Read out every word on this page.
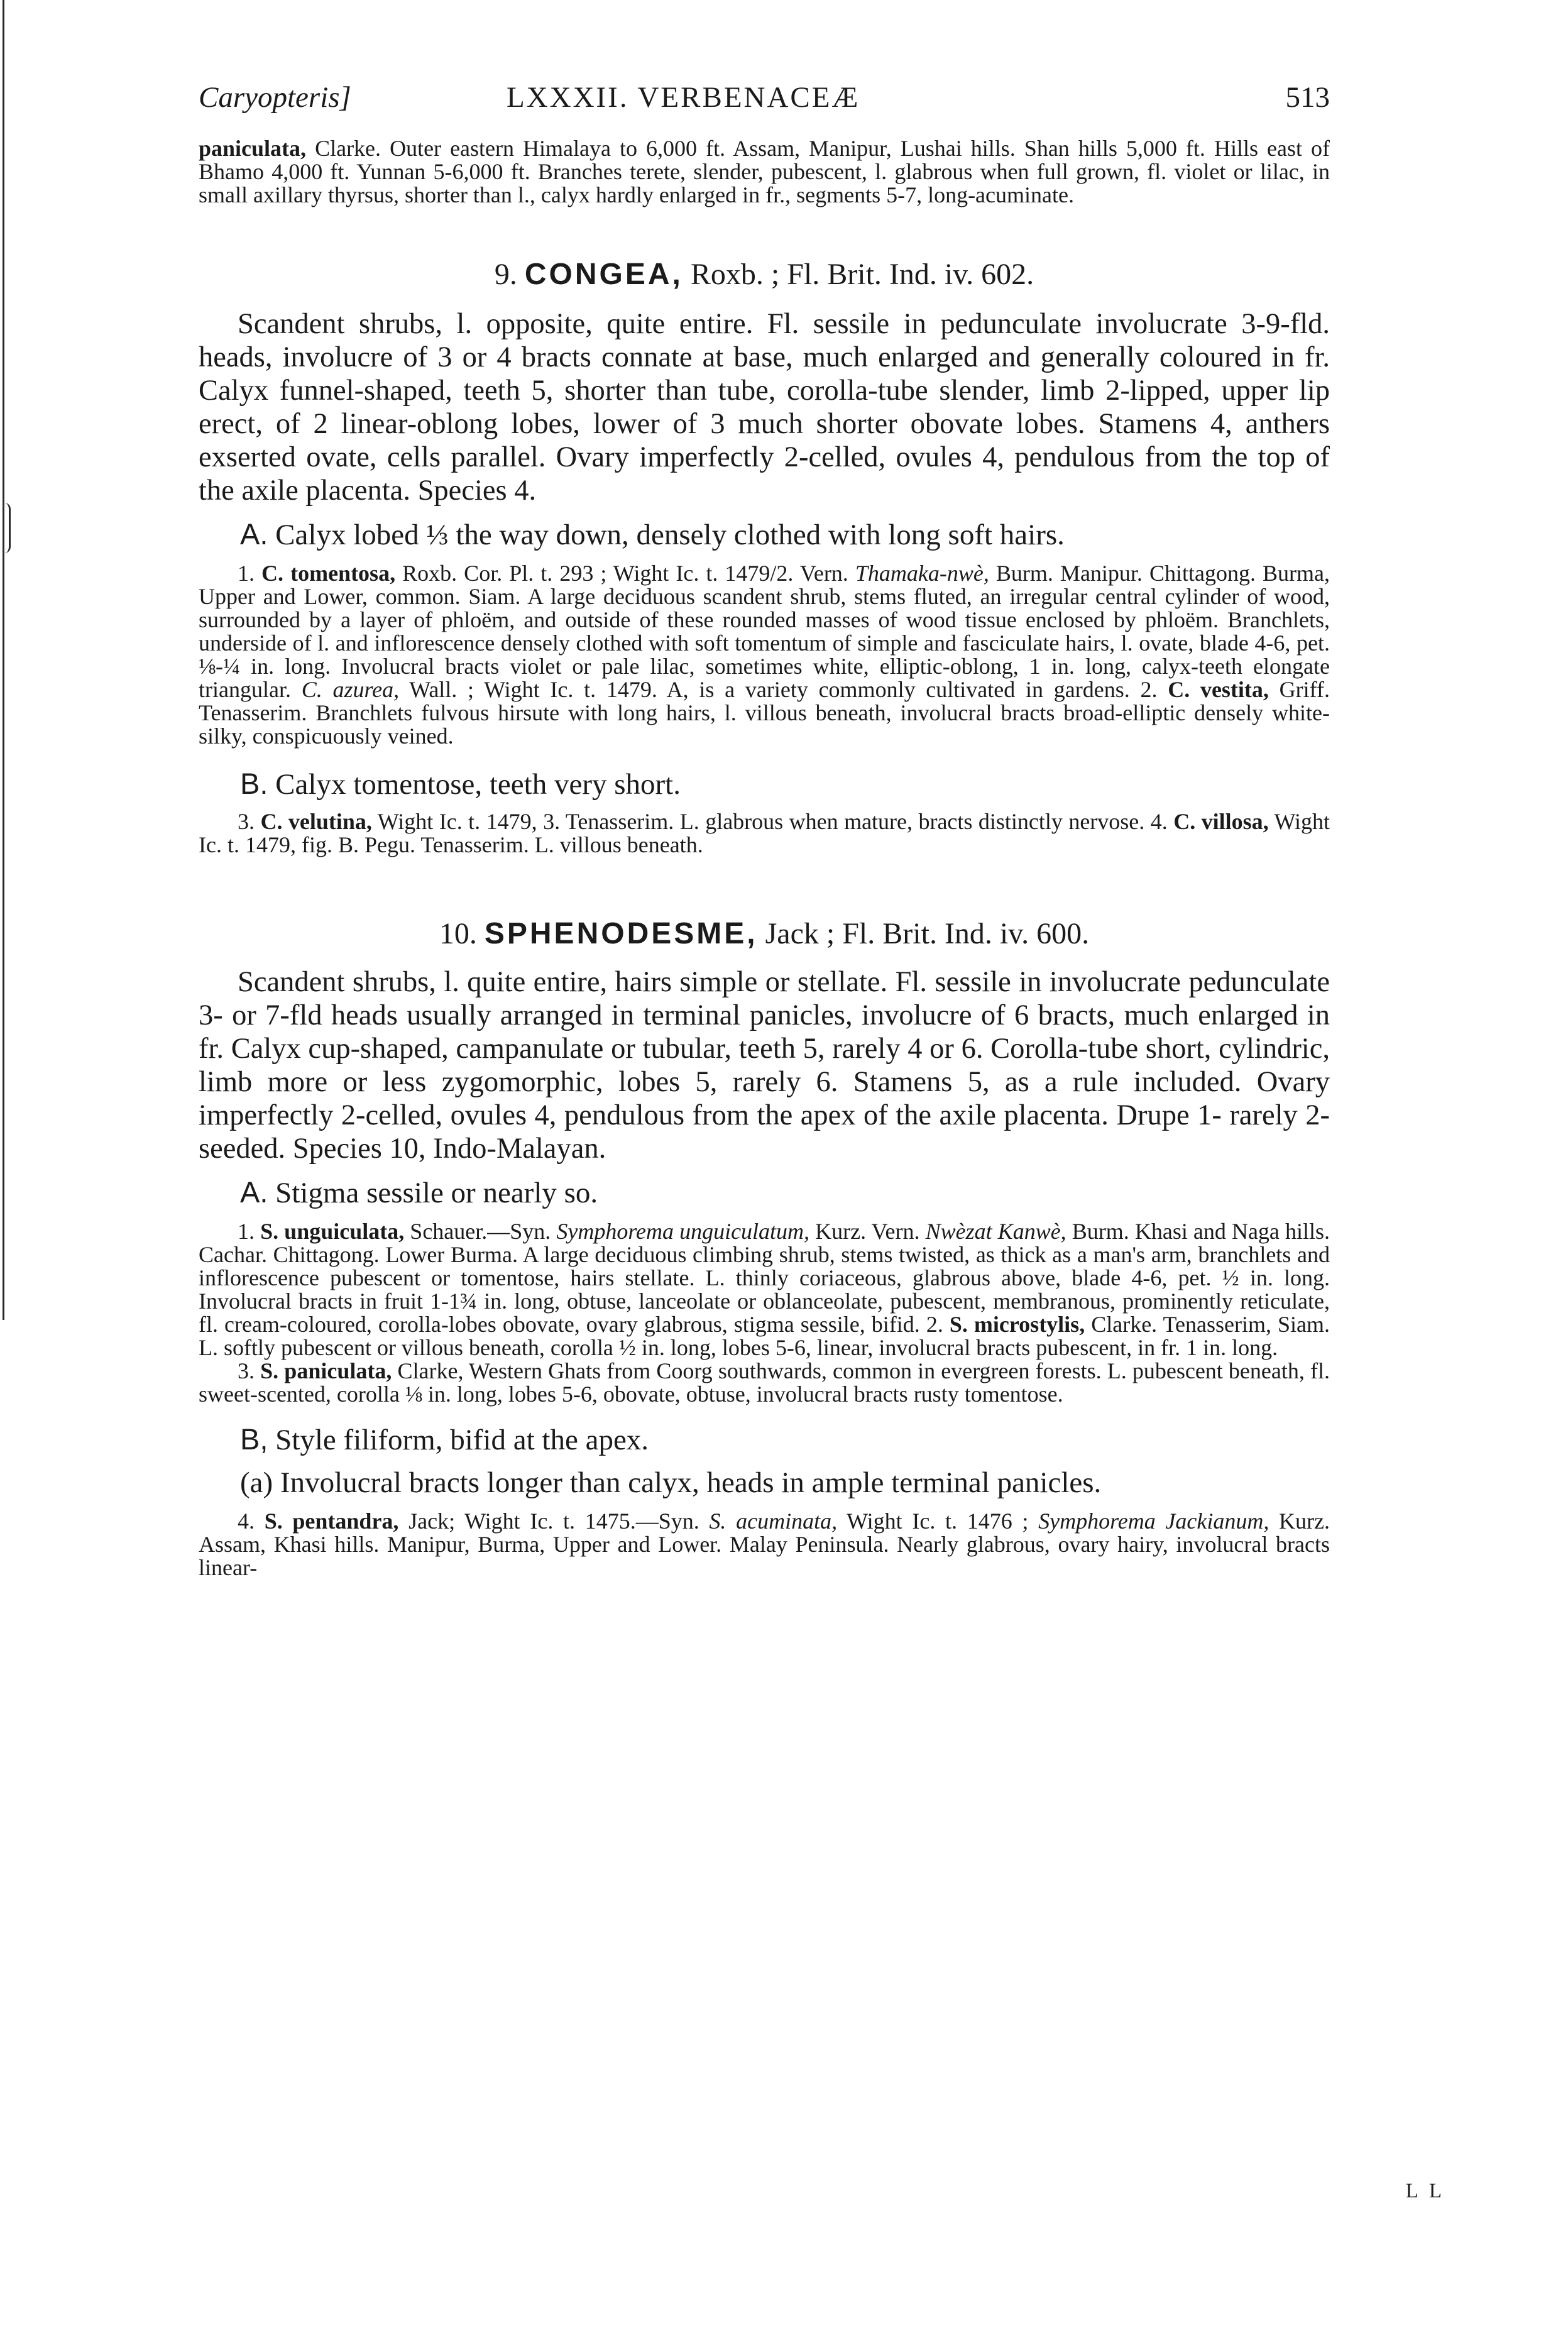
Caryopteris]	LXXXII. VERBENACEÆ	513

paniculata, Clarke. Outer eastern Himalaya to 6,000 ft. Assam, Manipur, Lushai hills. Shan hills 5,000 ft. Hills east of Bhamo 4,000 ft. Yunnan 5-6,000 ft. Branches terete, slender, pubescent, l. glabrous when full grown, fl. violet or lilac, in small axillary thyrsus, shorter than l., calyx hardly enlarged in fr., segments 5-7, long-acuminate.

9. CONGEA, Roxb. ; Fl. Brit. Ind. iv. 602.

Scandent shrubs, l. opposite, quite entire. Fl. sessile in pedunculate involucrate 3-9-fld. heads, involucre of 3 or 4 bracts connate at base, much enlarged and generally coloured in fr. Calyx funnel-shaped, teeth 5, shorter than tube, corolla-tube slender, limb 2-lipped, upper lip erect, of 2 linear-oblong lobes, lower of 3 much shorter obovate lobes. Stamens 4, anthers exserted ovate, cells parallel. Ovary imperfectly 2-celled, ovules 4, pendulous from the top of the axile placenta. Species 4.

A. Calyx lobed ⅓ the way down, densely clothed with long soft hairs.

1. C. tomentosa, Roxb. Cor. Pl. t. 293 ; Wight Ic. t. 1479/2. Vern. Thamaka-nwè, Burm. Manipur. Chittagong. Burma, Upper and Lower, common. Siam. A large deciduous scandent shrub, stems fluted, an irregular central cylinder of wood, surrounded by a layer of phloëm, and outside of these rounded masses of wood tissue enclosed by phloëm. Branchlets, underside of l. and inflorescence densely clothed with soft tomentum of simple and fasciculate hairs, l. ovate, blade 4-6, pet. ⅛-¼ in. long. Involucral bracts violet or pale lilac, sometimes white, elliptic-oblong, 1 in. long, calyx-teeth elongate triangular. C. azurea, Wall. ; Wight Ic. t. 1479. A, is a variety commonly cultivated in gardens. 2. C. vestita, Griff. Tenasserim. Branchlets fulvous hirsute with long hairs, l. villous beneath, involucral bracts broad-elliptic densely white-silky, conspicuously veined.

B. Calyx tomentose, teeth very short.

3. C. velutina, Wight Ic. t. 1479, 3. Tenasserim. L. glabrous when mature, bracts distinctly nervose. 4. C. villosa, Wight Ic. t. 1479, fig. B. Pegu. Tenasserim. L. villous beneath.

10. SPHENODESME, Jack ; Fl. Brit. Ind. iv. 600.

Scandent shrubs, l. quite entire, hairs simple or stellate. Fl. sessile in involucrate pedunculate 3- or 7-fld heads usually arranged in terminal panicles, involucre of 6 bracts, much enlarged in fr. Calyx cup-shaped, campanulate or tubular, teeth 5, rarely 4 or 6. Corolla-tube short, cylindric, limb more or less zygomorphic, lobes 5, rarely 6. Stamens 5, as a rule included. Ovary imperfectly 2-celled, ovules 4, pendulous from the apex of the axile placenta. Drupe 1- rarely 2-seeded. Species 10, Indo-Malayan.

A. Stigma sessile or nearly so.

1. S. unguiculata, Schauer.—Syn. Symphorema unguiculatum, Kurz. Vern. Nwèzat Kanwè, Burm. Khasi and Naga hills. Cachar. Chittagong. Lower Burma. A large deciduous climbing shrub, stems twisted, as thick as a man's arm, branchlets and inflorescence pubescent or tomentose, hairs stellate. L. thinly coriaceous, glabrous above, blade 4-6, pet. ½ in. long. Involucral bracts in fruit 1-1¾ in. long, obtuse, lanceolate or oblanceolate, pubescent, membranous, prominently reticulate, fl. cream-coloured, corolla-lobes obovate, ovary glabrous, stigma sessile, bifid. 2. S. microstylis, Clarke. Tenasserim, Siam. L. softly pubescent or villous beneath, corolla ½ in. long, lobes 5-6, linear, involucral bracts pubescent, in fr. 1 in. long.

3. S. paniculata, Clarke, Western Ghats from Coorg southwards, common in evergreen forests. L. pubescent beneath, fl. sweet-scented, corolla ⅛ in. long, lobes 5-6, obovate, obtuse, involucral bracts rusty tomentose.

B, Style filiform, bifid at the apex.

(a) Involucral bracts longer than calyx, heads in ample terminal panicles.

4. S. pentandra, Jack; Wight Ic. t. 1475.—Syn. S. acuminata, Wight Ic. t. 1476 ; Symphorema Jackianum, Kurz. Assam, Khasi hills. Manipur, Burma, Upper and Lower. Malay Peninsula. Nearly glabrous, ovary hairy, involucral bracts linear-

L L
